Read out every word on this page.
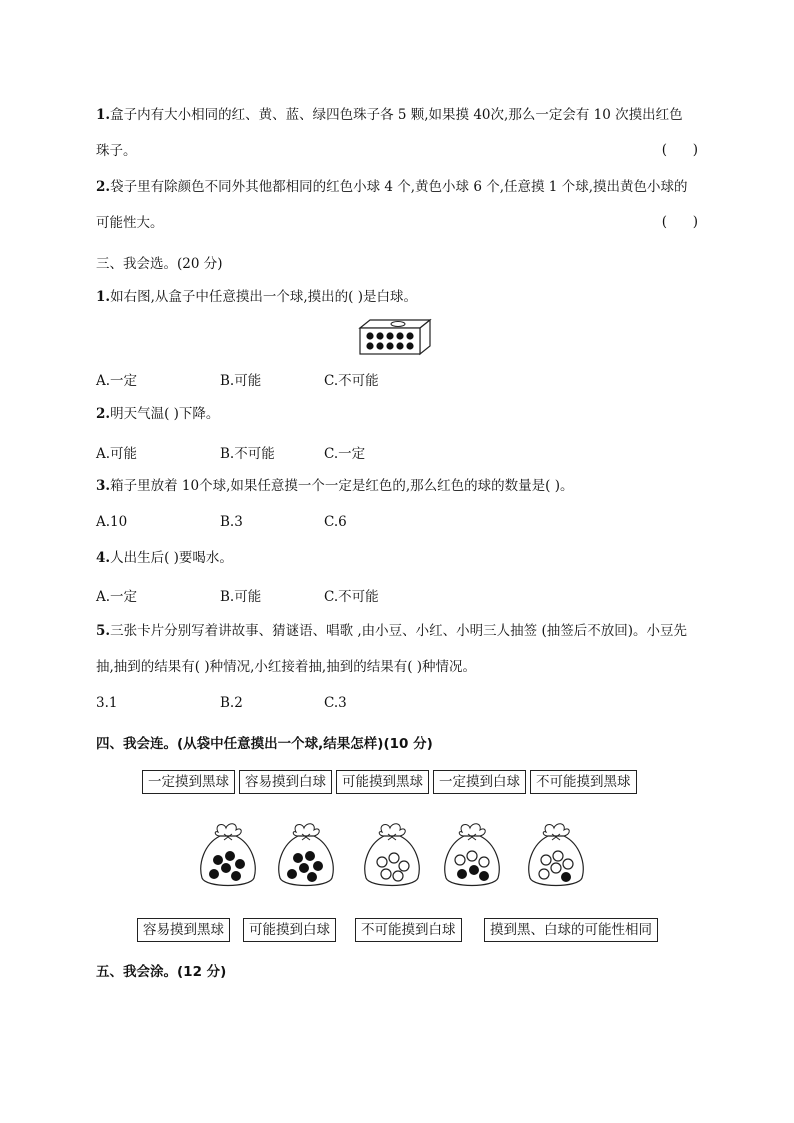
1.盒子内有大小相同的红、黄、蓝、绿四色珠子各 5 颗,如果摸 40次,那么一定会有 10 次摸出红色
珠子。	(      )
2.袋子里有除颜色不同外其他都相同的红色小球 4 个,黄色小球 6 个,任意摸 1 个球,摸出黄色小球的
可能性大。	(      )
三、我会选。(20 分)
1.如右图,从盒子中任意摸出一个球,摸出的( )是白球。
A.一定	B.可能	C.不可能
2.明天气温( )下降。
A.可能	B.不可能	C.一定
3.箱子里放着 10个球,如果任意摸一个一定是红色的,那么红色的球的数量是( )。
A.10	B.3	C.6
4.人出生后( )要喝水。
A.一定	B.可能	C.不可能
5.三张卡片分别写着讲故事、猜谜语、唱歌 ,由小豆、小红、小明三人抽签 (抽签后不放回)。小豆先
抽,抽到的结果有( )种情况,小红接着抽,抽到的结果有( )种情况。
3.1	B.2	C.3
四、我会连。(从袋中任意摸出一个球,结果怎样)(10 分)
一定摸到黑球	容易摸到白球	可能摸到黑球	一定摸到白球	不可能摸到黑球
容易摸到黑球	可能摸到白球	不可能摸到白球	摸到黑、白球的可能性相同
五、我会涂。(12 分)
